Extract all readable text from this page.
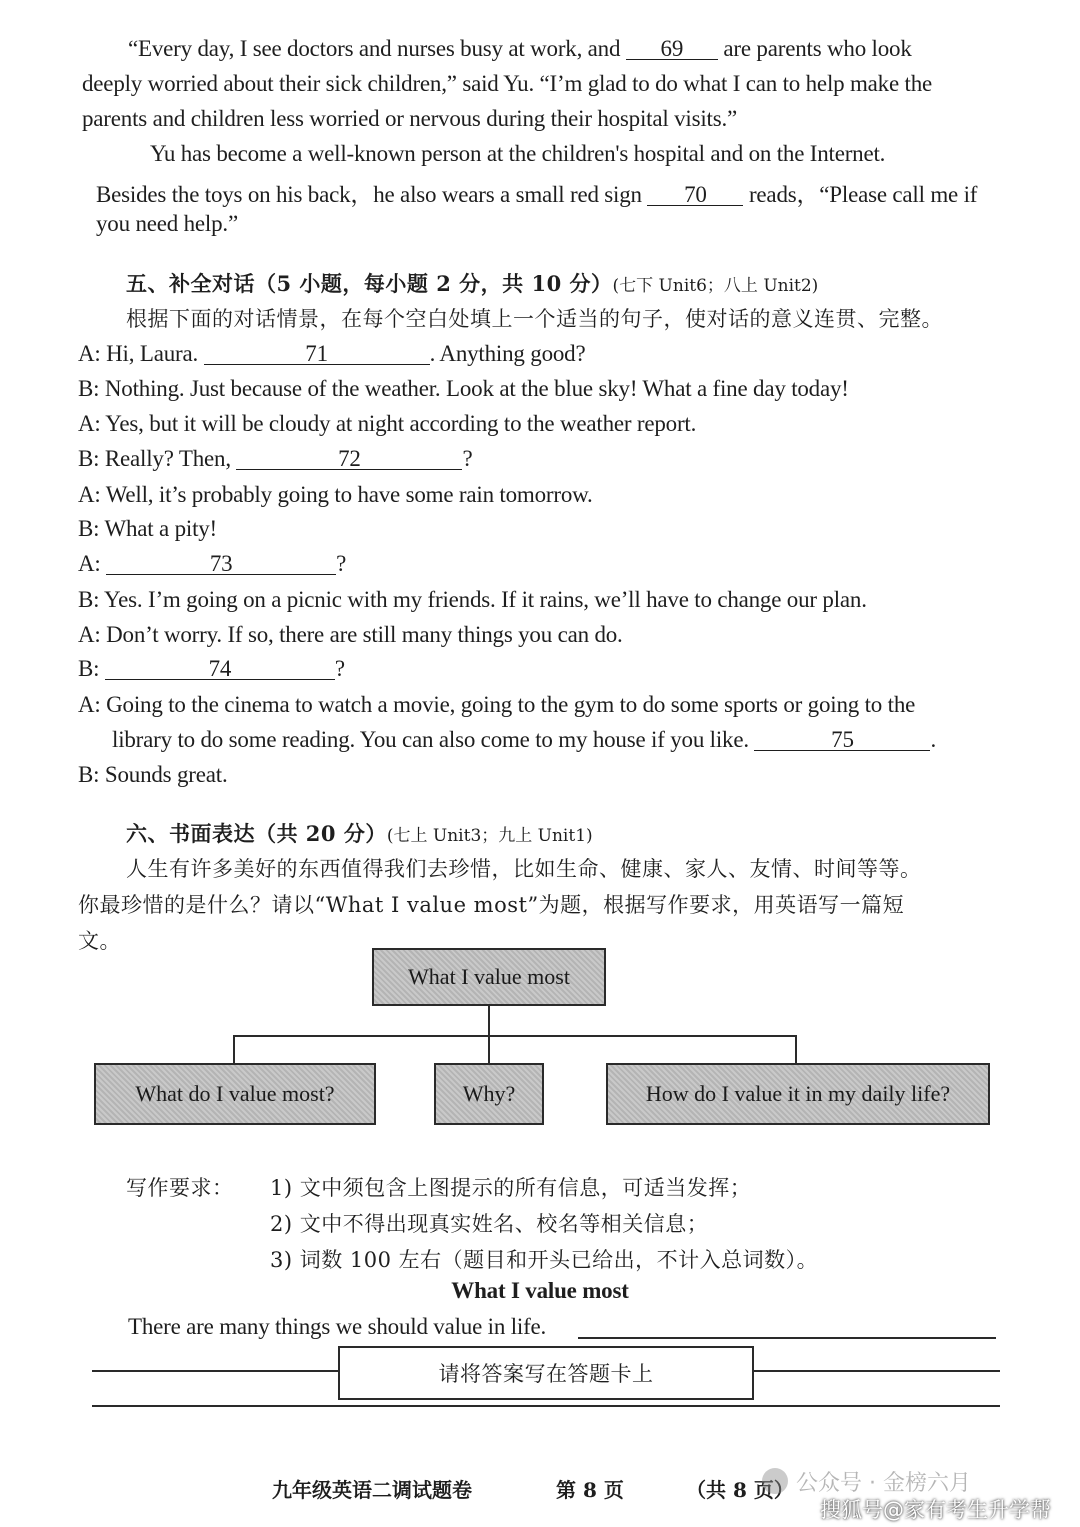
“Every day, I see doctors and nurses busy at work, and 69 are parents who look
deeply worried about their sick children,” said Yu. “I’m glad to do what I can to help make the
parents and children less worried or nervous during their hospital visits.”
Yu has become a well-known person at the children's hospital and on the Internet.
Besides the toys on his back，he also wears a small red sign 70 reads，“Please call me if
you need help.”
五、补全对话（5 小题，每小题 2 分，共 10 分）(七下 Unit6；八上 Unit2)
根据下面的对话情景，在每个空白处填上一个适当的句子，使对话的意义连贯、完整。
A: Hi, Laura.	71	. Anything good?
B: Nothing. Just because of the weather. Look at the blue sky! What a fine day today!
A: Yes, but it will be cloudy at night according to the weather report.
B: Really? Then,	72	?
A: Well, it’s probably going to have some rain tomorrow.
B: What a pity!
A:	73	?
B: Yes. I’m going on a picnic with my friends. If it rains, we’ll have to change our plan.
A: Don’t worry. If so, there are still many things you can do.
B:	74	?
A: Going to the cinema to watch a movie, going to the gym to do some sports or going to the
library to do some reading. You can also come to my house if you like.	75	.
B: Sounds great.
六、书面表达（共 20 分）(七上 Unit3；九上 Unit1)
人生有许多美好的东西值得我们去珍惜，比如生命、健康、家人、友情、时间等等。
你最珍惜的是什么？请以“What I value most”为题，根据写作要求，用英语写一篇短
文。
What I value most
What do I value most?	Why?	How do I value it in my daily life?
写作要求： 1) 文中须包含上图提示的所有信息，可适当发挥；
2) 文中不得出现真实姓名、校名等相关信息；
3) 词数 100 左右（题目和开头已给出，不计入总词数）。
What I value most
There are many things we should value in life.
请将答案写在答题卡上
九年级英语二调试题卷	第 8 页	（共 8 页） 公众号 · 金榜六月
搜狐号@家有考生升学帮
